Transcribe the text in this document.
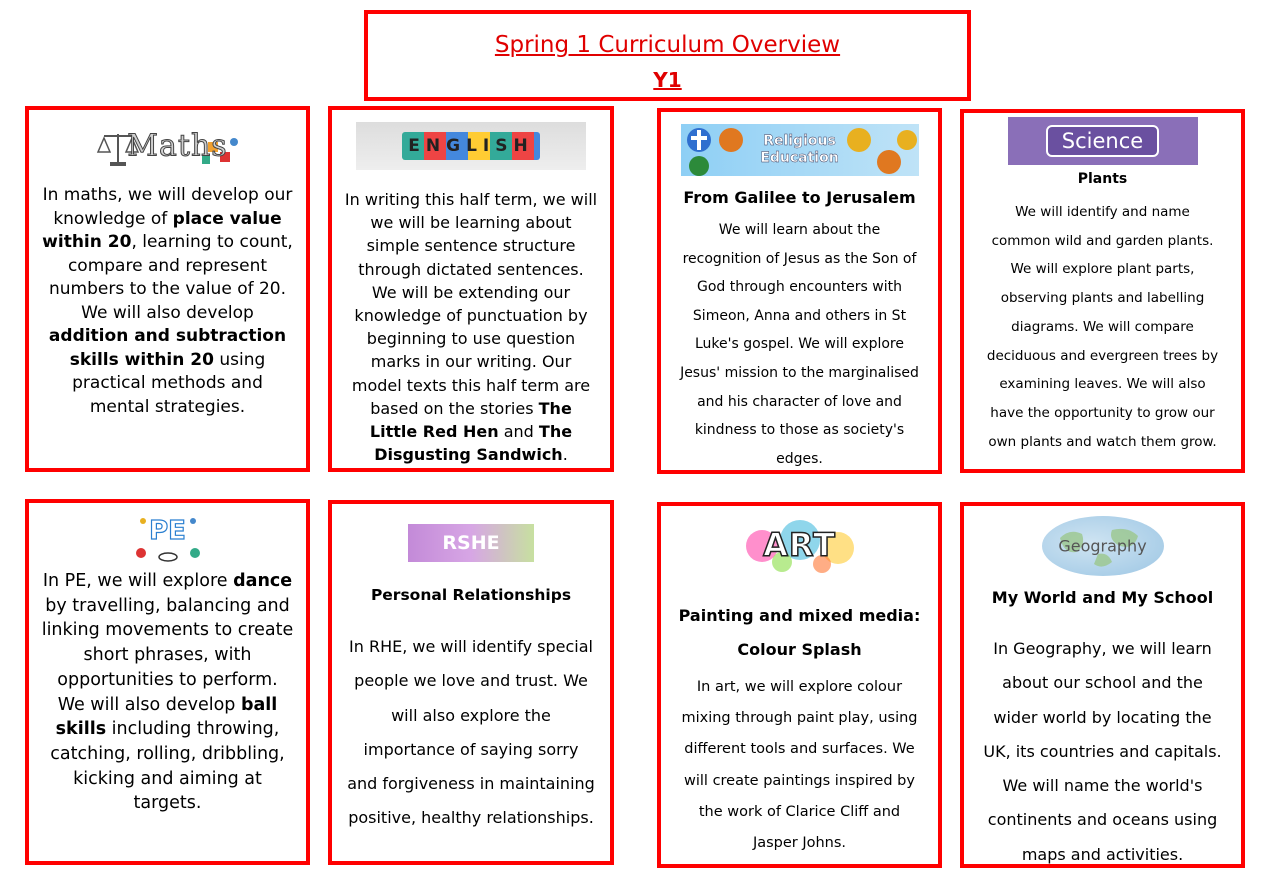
Spring 1 Curriculum Overview
Y1
Maths
In maths, we will develop our knowledge of place value within 20, learning to count, compare and represent numbers to the value of 20. We will also develop addition and subtraction skills within 20 using practical methods and mental strategies.
ENGLISH
In writing this half term, we will we will be learning about simple sentence structure through dictated sentences. We will be extending our knowledge of punctuation by beginning to use question marks in our writing. Our model texts this half term are based on the stories The Little Red Hen and The Disgusting Sandwich.
Religious Education
From Galilee to Jerusalem
We will learn about the recognition of Jesus as the Son of God through encounters with Simeon, Anna and others in St Luke's gospel. We will explore Jesus' mission to the marginalised and his character of love and kindness to those as society's edges.
Science
Plants
We will identify and name common wild and garden plants. We will explore plant parts, observing plants and labelling diagrams. We will compare deciduous and evergreen trees by examining leaves. We will also have the opportunity to grow our own plants and watch them grow.
PE
In PE, we will explore dance by travelling, balancing and linking movements to create short phrases, with opportunities to perform.
We will also develop ball skills including throwing, catching, rolling, dribbling, kicking and aiming at targets.
RSHE
Personal Relationships
In RHE, we will identify special people we love and trust. We will also explore the importance of saying sorry and forgiveness in maintaining positive, healthy relationships.
ART
Painting and mixed media:
Colour Splash
In art, we will explore colour mixing through paint play, using different tools and surfaces. We will create paintings inspired by the work of Clarice Cliff and Jasper Johns.
Geography
My World and My School
In Geography, we will learn about our school and the wider world by locating the UK, its countries and capitals. We will name the world's continents and oceans using maps and activities.
